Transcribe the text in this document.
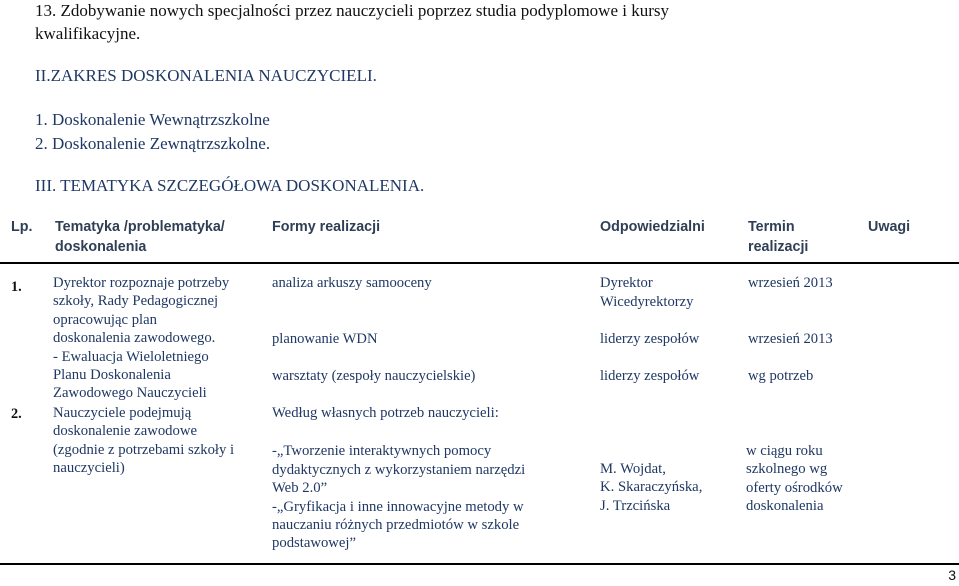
13. Zdobywanie nowych specjalności przez nauczycieli poprzez studia podyplomowe i kursy
kwalifikacyjne.
II.ZAKRES DOSKONALENIA NAUCZYCIELI.
1. Doskonalenie Wewnątrzszkolne
2. Doskonalenie Zewnątrzszkolne.
III. TEMATYKA SZCZEGÓŁOWA DOSKONALENIA.
Lp. Tematyka /problematyka/
doskonalenia
Formy realizacji	Odpowiedzialni	Termin
realizacji
Uwagi
1. Dyrektor rozpoznaje potrzeby
szkoły, Rady Pedagogicznej
opracowując plan
doskonalenia zawodowego.
- Ewaluacja Wieloletniego
Planu Doskonalenia
Zawodowego Nauczycieli
analiza arkuszy samooceny
planowanie WDN
warsztaty (zespoły nauczycielskie)
Dyrektor
Wicedyrektorzy
liderzy zespołów
liderzy zespołów
wrzesień 2013
wrzesień 2013
wg potrzeb
2. Nauczyciele podejmują
doskonalenie zawodowe
(zgodnie z potrzebami szkoły i
nauczycieli)
Według własnych potrzeb nauczycieli:
-„Tworzenie interaktywnych pomocy
dydaktycznych z wykorzystaniem narzędzi
Web 2.0”
-„Gryfikacja i inne innowacyjne metody w
nauczaniu różnych przedmiotów w szkole
podstawowej”
M. Wojdat,
K. Skaraczyńska,
J. Trzcińska
w ciągu roku
szkolnego wg
oferty ośrodków
doskonalenia
3
